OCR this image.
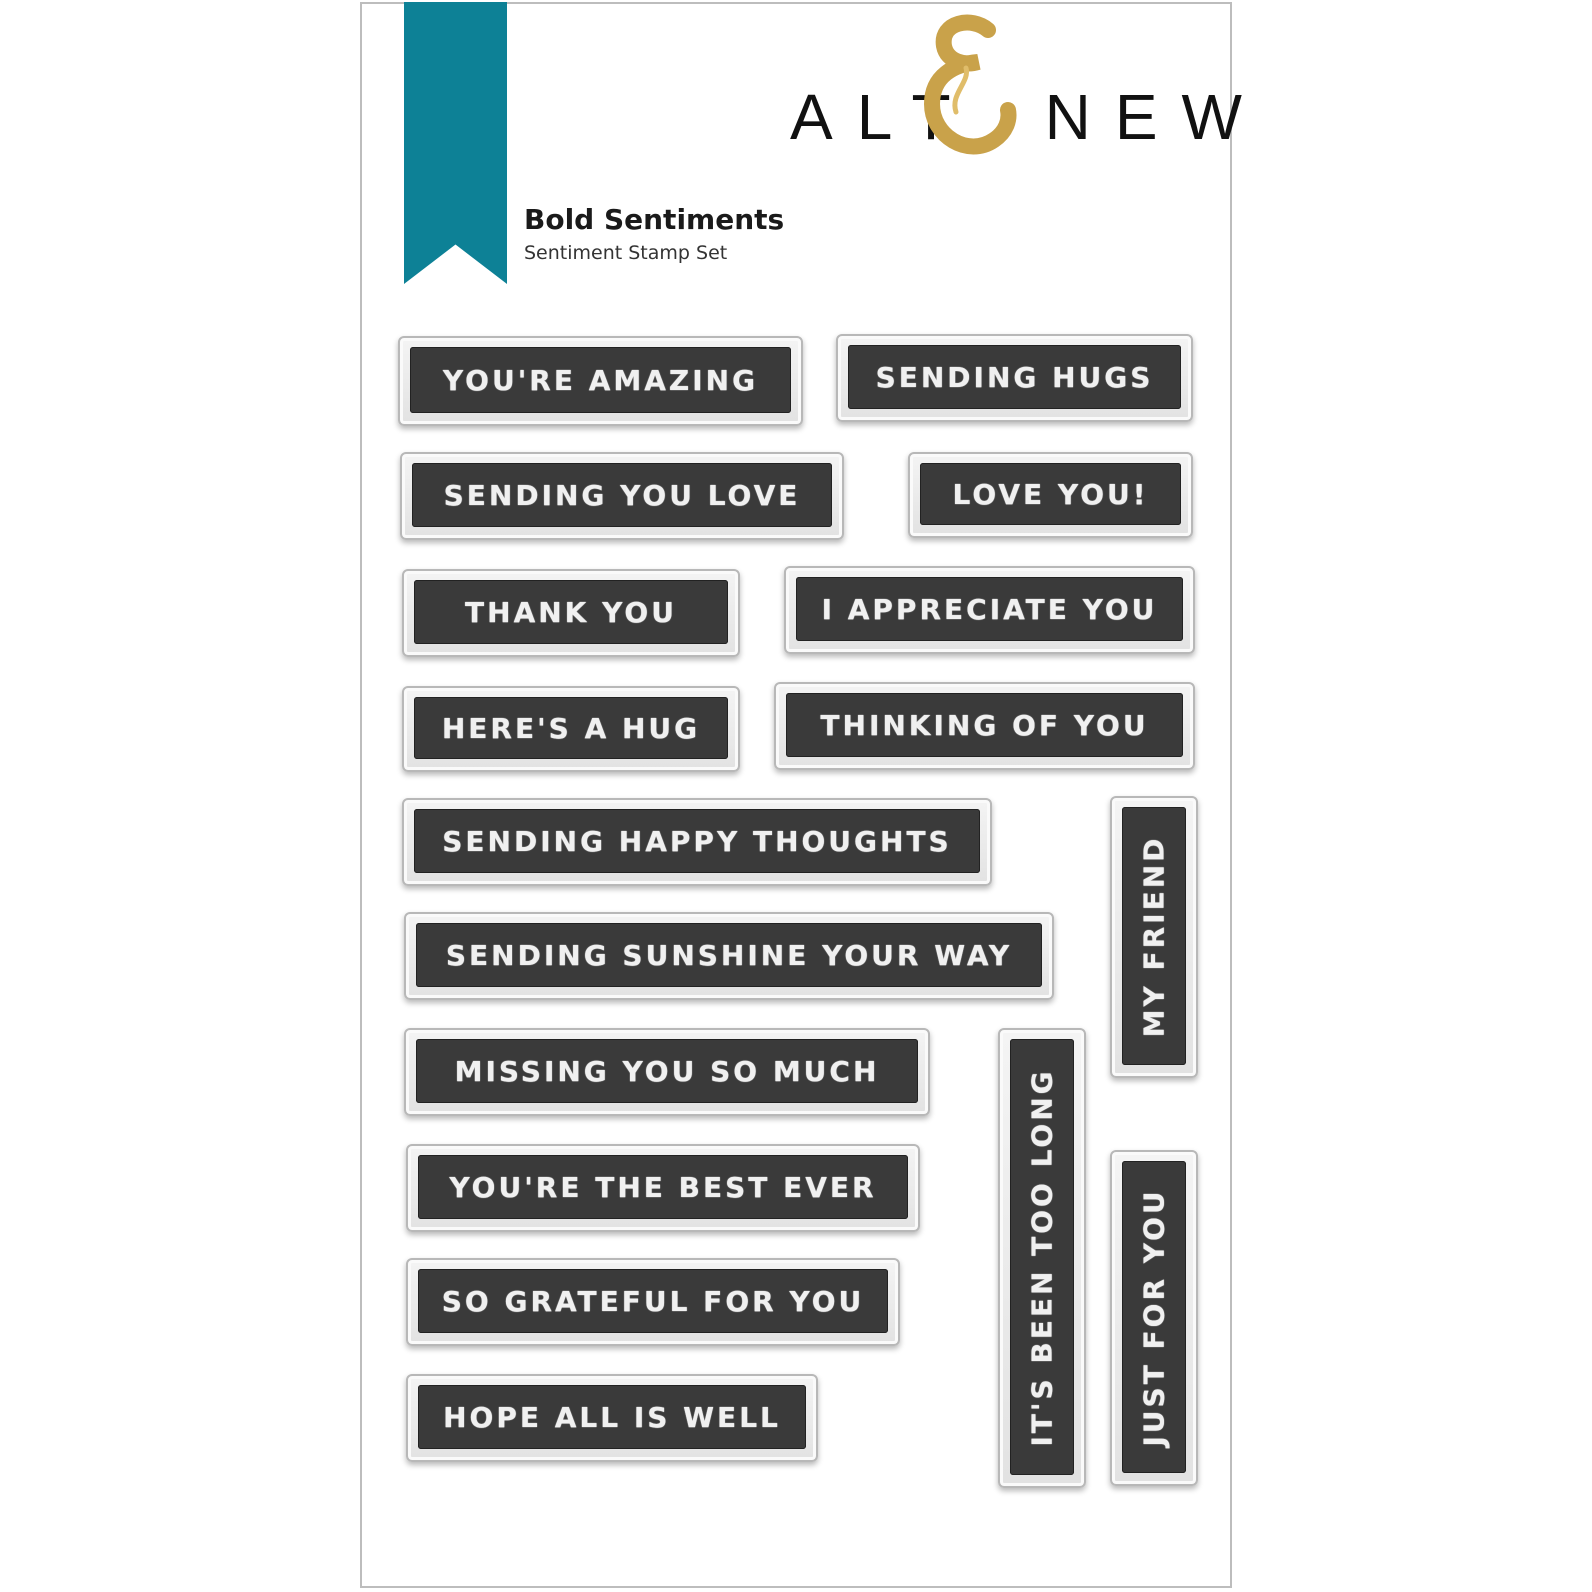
ALT NEW
Bold Sentiments
Sentiment Stamp Set
YOU'RE AMAZING	SENDING HUGS
SENDING YOU LOVE	LOVE YOU!
THANK YOU	I APPRECIATE YOU
HERE'S A HUG	THINKING OF YOU
SENDING HAPPY THOUGHTS
SENDING SUNSHINE YOUR WAY
MISSING YOU SO MUCH
YOU'RE THE BEST EVER
SO GRATEFUL FOR YOU
HOPE ALL IS WELL
MY FRIEND
IT'S BEEN TOO LONG	JUST FOR YOU
